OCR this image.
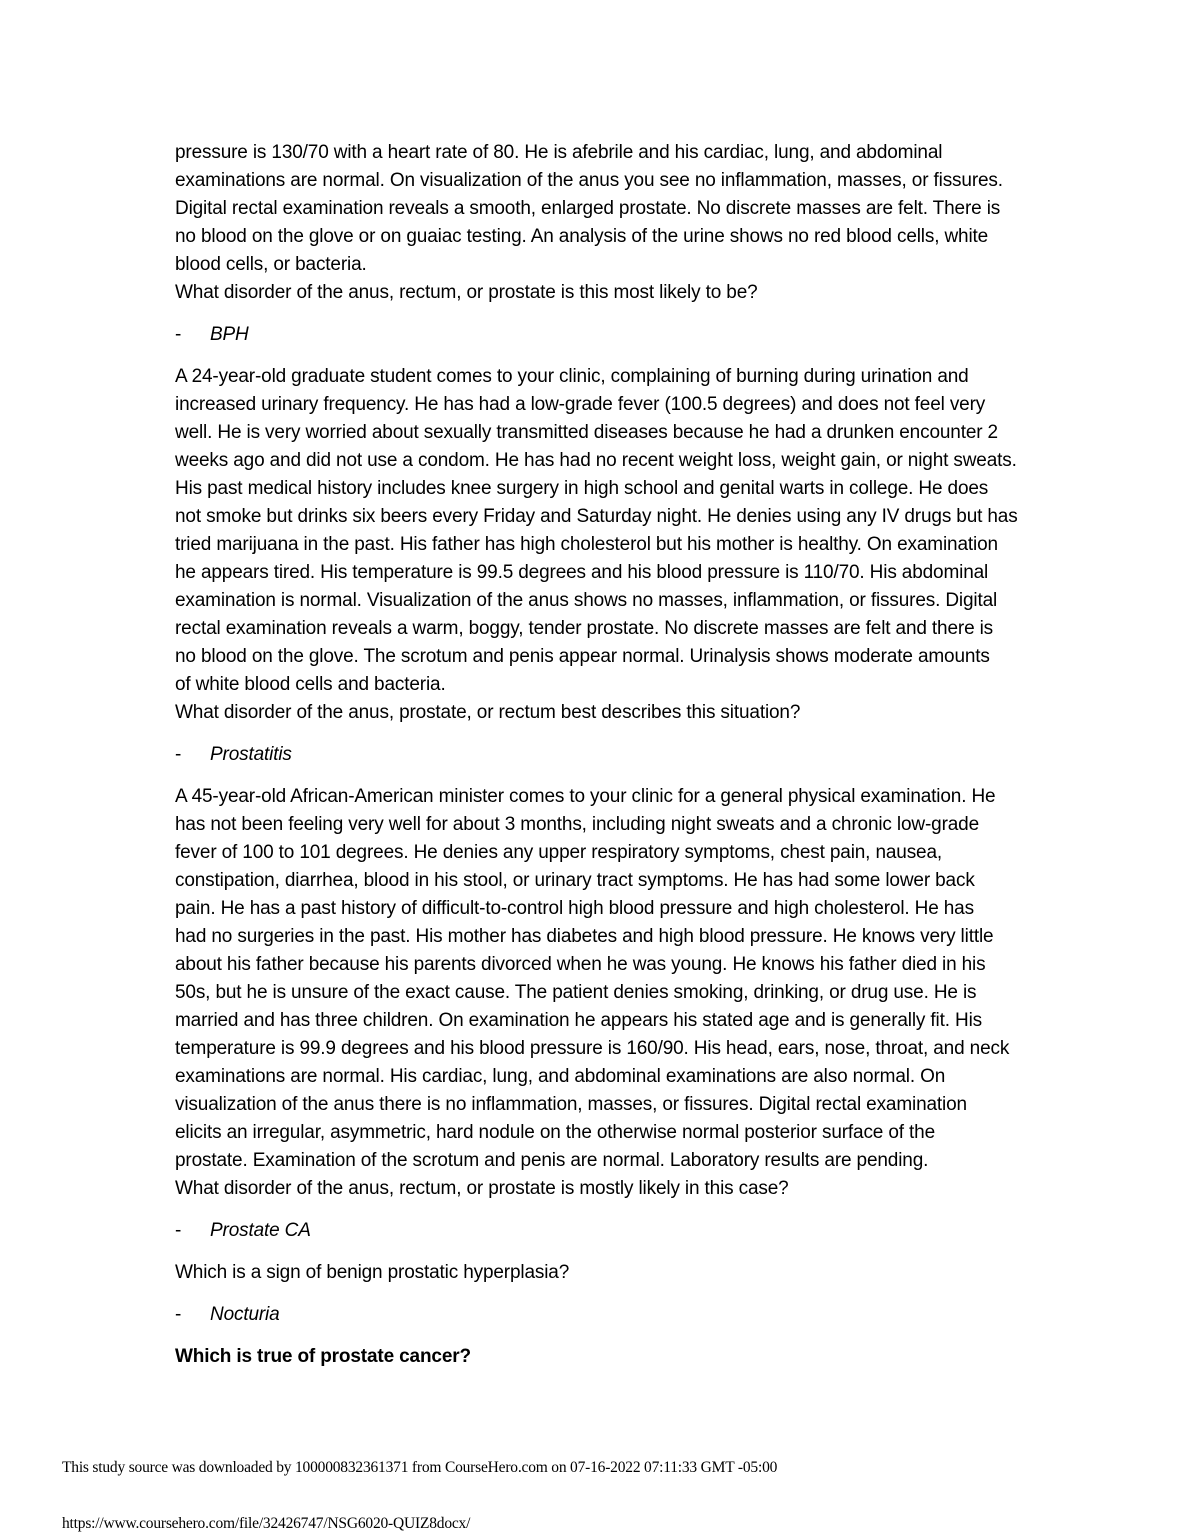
pressure is 130/70 with a heart rate of 80. He is afebrile and his cardiac, lung, and abdominal
examinations are normal. On visualization of the anus you see no inflammation, masses, or fissures.
Digital rectal examination reveals a smooth, enlarged prostate. No discrete masses are felt. There is
no blood on the glove or on guaiac testing. An analysis of the urine shows no red blood cells, white
blood cells, or bacteria.
What disorder of the anus, rectum, or prostate is this most likely to be?
-	BPH
A 24-year-old graduate student comes to your clinic, complaining of burning during urination and
increased urinary frequency. He has had a low-grade fever (100.5 degrees) and does not feel very
well. He is very worried about sexually transmitted diseases because he had a drunken encounter 2
weeks ago and did not use a condom. He has had no recent weight loss, weight gain, or night sweats.
His past medical history includes knee surgery in high school and genital warts in college. He does
not smoke but drinks six beers every Friday and Saturday night. He denies using any IV drugs but has
tried marijuana in the past. His father has high cholesterol but his mother is healthy. On examination
he appears tired. His temperature is 99.5 degrees and his blood pressure is 110/70. His abdominal
examination is normal. Visualization of the anus shows no masses, inflammation, or fissures. Digital
rectal examination reveals a warm, boggy, tender prostate. No discrete masses are felt and there is
no blood on the glove. The scrotum and penis appear normal. Urinalysis shows moderate amounts
of white blood cells and bacteria.
What disorder of the anus, prostate, or rectum best describes this situation?
-	Prostatitis
A 45-year-old African-American minister comes to your clinic for a general physical examination. He
has not been feeling very well for about 3 months, including night sweats and a chronic low-grade
fever of 100 to 101 degrees. He denies any upper respiratory symptoms, chest pain, nausea,
constipation, diarrhea, blood in his stool, or urinary tract symptoms. He has had some lower back
pain. He has a past history of difficult-to-control high blood pressure and high cholesterol. He has
had no surgeries in the past. His mother has diabetes and high blood pressure. He knows very little
about his father because his parents divorced when he was young. He knows his father died in his
50s, but he is unsure of the exact cause. The patient denies smoking, drinking, or drug use. He is
married and has three children. On examination he appears his stated age and is generally fit. His
temperature is 99.9 degrees and his blood pressure is 160/90. His head, ears, nose, throat, and neck
examinations are normal. His cardiac, lung, and abdominal examinations are also normal. On
visualization of the anus there is no inflammation, masses, or fissures. Digital rectal examination
elicits an irregular, asymmetric, hard nodule on the otherwise normal posterior surface of the
prostate. Examination of the scrotum and penis are normal. Laboratory results are pending.
What disorder of the anus, rectum, or prostate is mostly likely in this case?
-	Prostate CA
Which is a sign of benign prostatic hyperplasia?
-	Nocturia
Which is true of prostate cancer?
This study source was downloaded by 100000832361371 from CourseHero.com on 07-16-2022 07:11:33 GMT -05:00
https://www.coursehero.com/file/32426747/NSG6020-QUIZ8docx/
